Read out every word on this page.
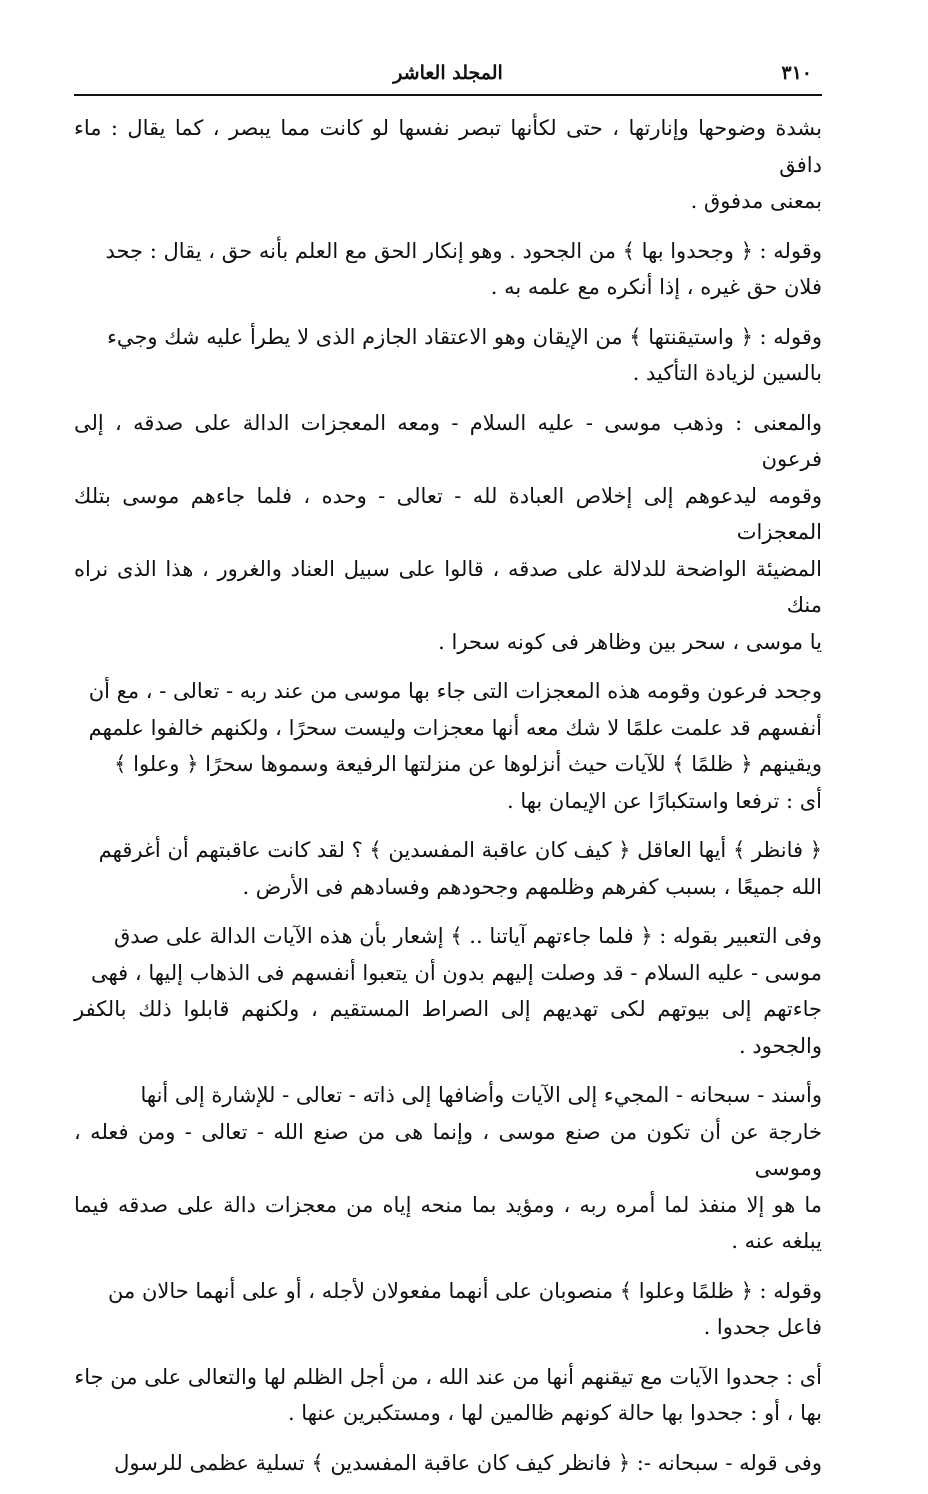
٣١٠
المجلد العاشر

بشدة وضوحها وإنارتها ، حتى لكأنها تبصر نفسها لو كانت مما يبصر ، كما يقال : ماء دافق
بمعنى مدفوق .

وقوله : ﴿ وجحدوا بها ﴾ من الجحود . وهو إنكار الحق مع العلم بأنه حق ، يقال : جحد
فلان حق غيره ، إذا أنكره مع علمه به .

وقوله : ﴿ واستيقنتها ﴾ من الإيقان وهو الاعتقاد الجازم الذى لا يطرأ عليه شك وجيء
بالسين لزيادة التأكيد .

والمعنى : وذهب موسى - عليه السلام - ومعه المعجزات الدالة على صدقه ، إلى فرعون
وقومه ليدعوهم إلى إخلاص العبادة لله - تعالى - وحده ، فلما جاءهم موسى بتلك المعجزات
المضيئة الواضحة للدلالة على صدقه ، قالوا على سبيل العناد والغرور ، هذا الذى نراه منك
يا موسى ، سحر بين وظاهر فى كونه سحرا .

وجحد فرعون وقومه هذه المعجزات التى جاء بها موسى من عند ربه - تعالى - ، مع أن
أنفسهم قد علمت علمًا لا شك معه أنها معجزات وليست سحرًا ، ولكنهم خالفوا علمهم
ويقينهم ﴿ ظلمًا ﴾ للآيات حيث أنزلوها عن منزلتها الرفيعة وسموها سحرًا ﴿ وعلوا ﴾
أى : ترفعا واستكبارًا عن الإيمان بها .

﴿ فانظر ﴾ أيها العاقل ﴿ كيف كان عاقبة المفسدين ﴾ ؟ لقد كانت عاقبتهم أن أغرقهم
الله جميعًا ، بسبب كفرهم وظلمهم وجحودهم وفسادهم فى الأرض .

وفى التعبير بقوله : ﴿ فلما جاءتهم آياتنا .. ﴾ إشعار بأن هذه الآيات الدالة على صدق
موسى - عليه السلام - قد وصلت إليهم بدون أن يتعبوا أنفسهم فى الذهاب إليها ، فهى
جاءتهم إلى بيوتهم لكى تهديهم إلى الصراط المستقيم ، ولكنهم قابلوا ذلك بالكفر والجحود .

وأسند - سبحانه - المجيء إلى الآيات وأضافها إلى ذاته - تعالى - للإشارة إلى أنها
خارجة عن أن تكون من صنع موسى ، وإنما هى من صنع الله - تعالى - ومن فعله ، وموسى
ما هو إلا منفذ لما أمره ربه ، ومؤيد بما منحه إياه من معجزات دالة على صدقه فيما يبلغه عنه .

وقوله : ﴿ ظلمًا وعلوا ﴾ منصوبان على أنهما مفعولان لأجله ، أو على أنهما حالان من
فاعل جحدوا .

أى : جحدوا الآيات مع تيقنهم أنها من عند الله ، من أجل الظلم لها والتعالى على من جاء
بها ، أو : جحدوا بها حالة كونهم ظالمين لها ، ومستكبرين عنها .

وفى قوله - سبحانه -: ﴿ فانظر كيف كان عاقبة المفسدين ﴾ تسلية عظمى للرسول
